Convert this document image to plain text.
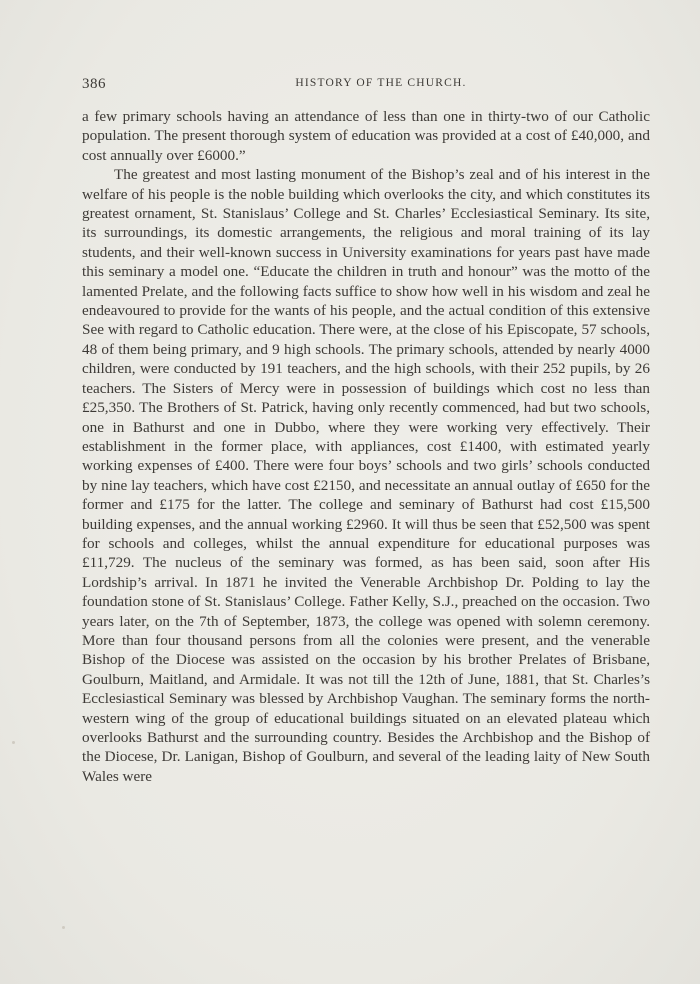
386	HISTORY OF THE CHURCH.

a few primary schools having an attendance of less than one in thirty-two of our Catholic population. The present thorough system of education was provided at a cost of £40,000, and cost annually over £6000.”

The greatest and most lasting monument of the Bishop’s zeal and of his interest in the welfare of his people is the noble building which overlooks the city, and which constitutes its greatest ornament, St. Stanislaus’ College and St. Charles’ Ecclesiastical Seminary. Its site, its surroundings, its domestic arrangements, the religious and moral training of its lay students, and their well-known success in University examinations for years past have made this seminary a model one. “Educate the children in truth and honour” was the motto of the lamented Prelate, and the following facts suffice to show how well in his wisdom and zeal he endeavoured to provide for the wants of his people, and the actual condition of this extensive See with regard to Catholic education. There were, at the close of his Episcopate, 57 schools, 48 of them being primary, and 9 high schools. The primary schools, attended by nearly 4000 children, were conducted by 191 teachers, and the high schools, with their 252 pupils, by 26 teachers. The Sisters of Mercy were in possession of buildings which cost no less than £25,350. The Brothers of St. Patrick, having only recently commenced, had but two schools, one in Bathurst and one in Dubbo, where they were working very effectively. Their establishment in the former place, with appliances, cost £1400, with estimated yearly working expenses of £400. There were four boys’ schools and two girls’ schools conducted by nine lay teachers, which have cost £2150, and necessitate an annual outlay of £650 for the former and £175 for the latter. The college and seminary of Bathurst had cost £15,500 building expenses, and the annual working £2960. It will thus be seen that £52,500 was spent for schools and colleges, whilst the annual expenditure for educational purposes was £11,729. The nucleus of the seminary was formed, as has been said, soon after His Lordship’s arrival. In 1871 he invited the Venerable Archbishop Dr. Polding to lay the foundation stone of St. Stanislaus’ College. Father Kelly, S.J., preached on the occasion. Two years later, on the 7th of September, 1873, the college was opened with solemn ceremony. More than four thousand persons from all the colonies were present, and the venerable Bishop of the Diocese was assisted on the occasion by his brother Prelates of Brisbane, Goulburn, Maitland, and Armidale. It was not till the 12th of June, 1881, that St. Charles’s Ecclesiastical Seminary was blessed by Archbishop Vaughan. The seminary forms the north-western wing of the group of educational buildings situated on an elevated plateau which overlooks Bathurst and the surrounding country. Besides the Archbishop and the Bishop of the Diocese, Dr. Lanigan, Bishop of Goulburn, and several of the leading laity of New South Wales were
